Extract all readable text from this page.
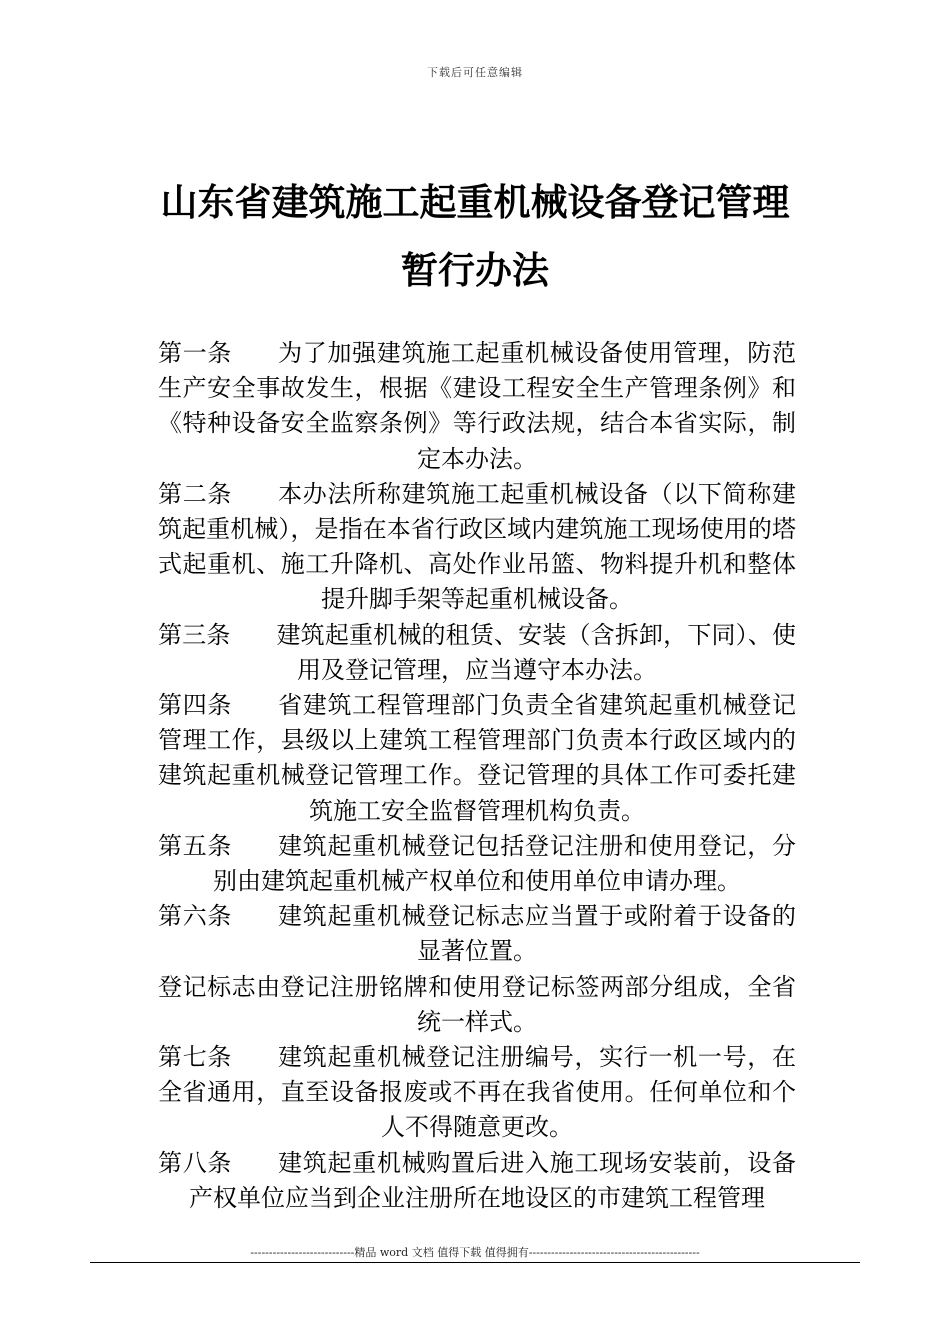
下载后可任意编辑
山东省建筑施工起重机械设备登记管理
暂行办法

第一条 为了加强建筑施工起重机械设备使用管理，防范生产安全事故发生，根据《建设工程安全生产管理条例》和《特种设备安全监察条例》等行政法规，结合本省实际，制定本办法。

第二条 本办法所称建筑施工起重机械设备（以下简称建筑起重机械），是指在本省行政区域内建筑施工现场使用的塔式起重机、施工升降机、高处作业吊篮、物料提升机和整体提升脚手架等起重机械设备。

第三条 建筑起重机械的租赁、安装（含拆卸，下同）、使用及登记管理，应当遵守本办法。

第四条 省建筑工程管理部门负责全省建筑起重机械登记管理工作，县级以上建筑工程管理部门负责本行政区域内的建筑起重机械登记管理工作。登记管理的具体工作可委托建筑施工安全监督管理机构负责。

第五条 建筑起重机械登记包括登记注册和使用登记，分别由建筑起重机械产权单位和使用单位申请办理。

第六条 建筑起重机械登记标志应当置于或附着于设备的显著位置。

登记标志由登记注册铭牌和使用登记标签两部分组成，全省统一样式。

第七条 建筑起重机械登记注册编号，实行一机一号，在全省通用，直至设备报废或不再在我省使用。任何单位和个人不得随意更改。

第八条 建筑起重机械购置后进入施工现场安装前，设备产权单位应当到企业注册所在地设区的市建筑工程管理

----------------------------精品 word 文档 值得下载 值得拥有----------------------------------------------
